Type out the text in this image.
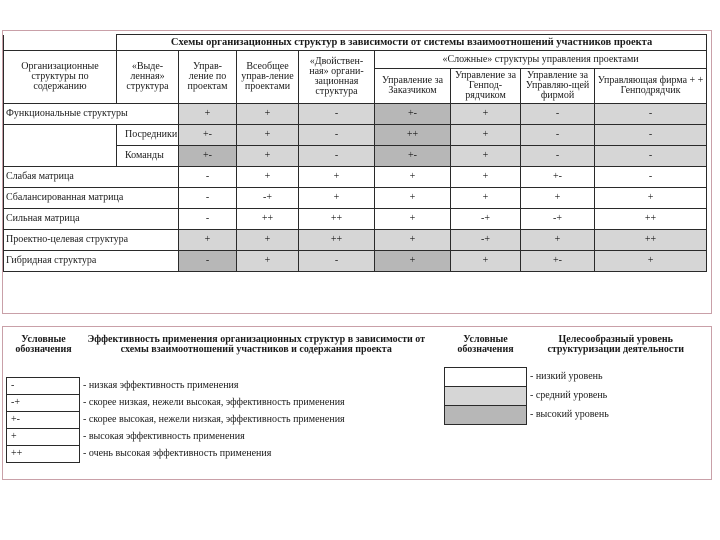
	Схемы организационных структур в зависимости от системы взаимоотношений участников проекта								
Организационные структуры по содержанию	«Выде-ленная» структура	Управ-ление по проектам	Всеобщее управ-ление проектами	«Двойствен-ная» органи-зационная структура	«Сложные» структуры управления проектами				
					Управление за Заказчиком	Управление за Генпод-рядчиком	Управление за Управляю-щей фирмой	Управляющая фирма + + Генподрядчик	
Функциональные структуры		+	+	-	+-	+	-	-	
	Посредники	+-	+	-	++	+	-	-	
	Команды	+-	+	-	+-	+	-	-	
Слабая матрица		-	+	+	+	+	+-	-	
Сбалансированная матрица		-	-+	+	+	+	+	+	
Сильная матрица		-	++	++	+	-+	-+	++	
Проектно-целевая структура		+	+	++	+	-+	+	++	
Гибридная структура		-	+	-	+	+	+-	+	
Условные обозначения	Эффективность применения организационных структур в зависимости от схемы взаимоотношений участников и содержания проекта
-	- низкая эффективность применения
-+	- скорее низкая, нежели высокая, эффективность применения
+-	- скорее высокая, нежели низкая, эффективность применения
+	- высокая эффективность применения
++	- очень высокая эффективность применения
Условные обозначения	Целесообразный уровень структуризации деятельности
	- низкий уровень
	- средний уровень
	- высокий уровень
